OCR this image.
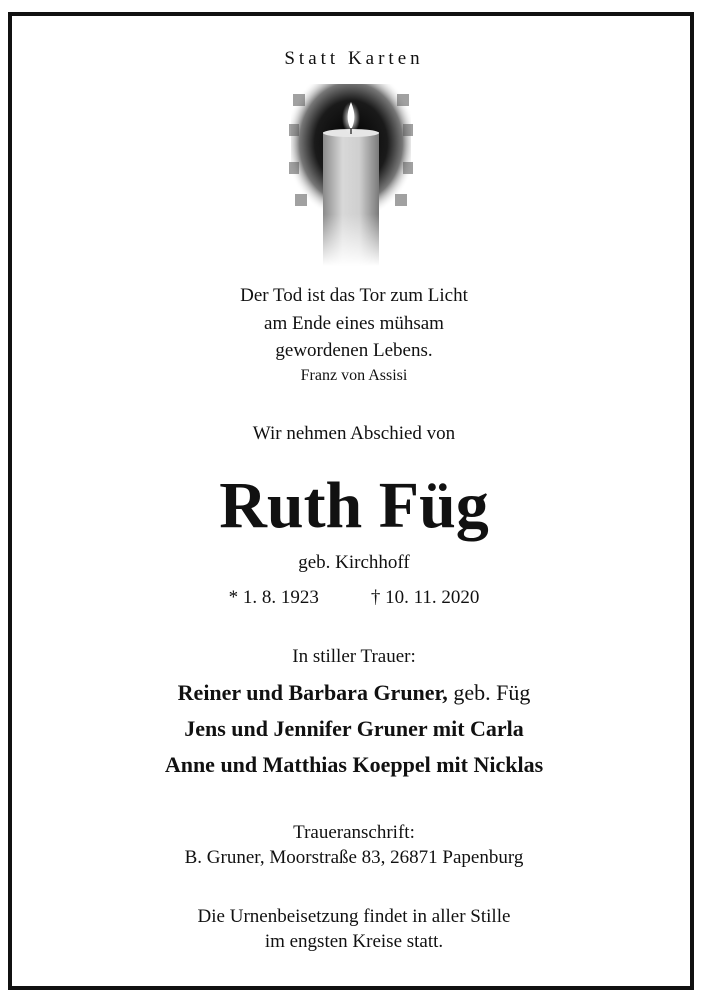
Statt Karten
Der Tod ist das Tor zum Licht
am Ende eines mühsam
gewordenen Lebens.
Franz von Assisi
Wir nehmen Abschied von
Ruth Füg
geb. Kirchhoff
* 1. 8. 1923	† 10. 11. 2020
In stiller Trauer:
Reiner und Barbara Gruner, geb. Füg
Jens und Jennifer Gruner mit Carla
Anne und Matthias Koeppel mit Nicklas
Traueranschrift:
B. Gruner, Moorstraße 83, 26871 Papenburg
Die Urnenbeisetzung findet in aller Stille
im engsten Kreise statt.
